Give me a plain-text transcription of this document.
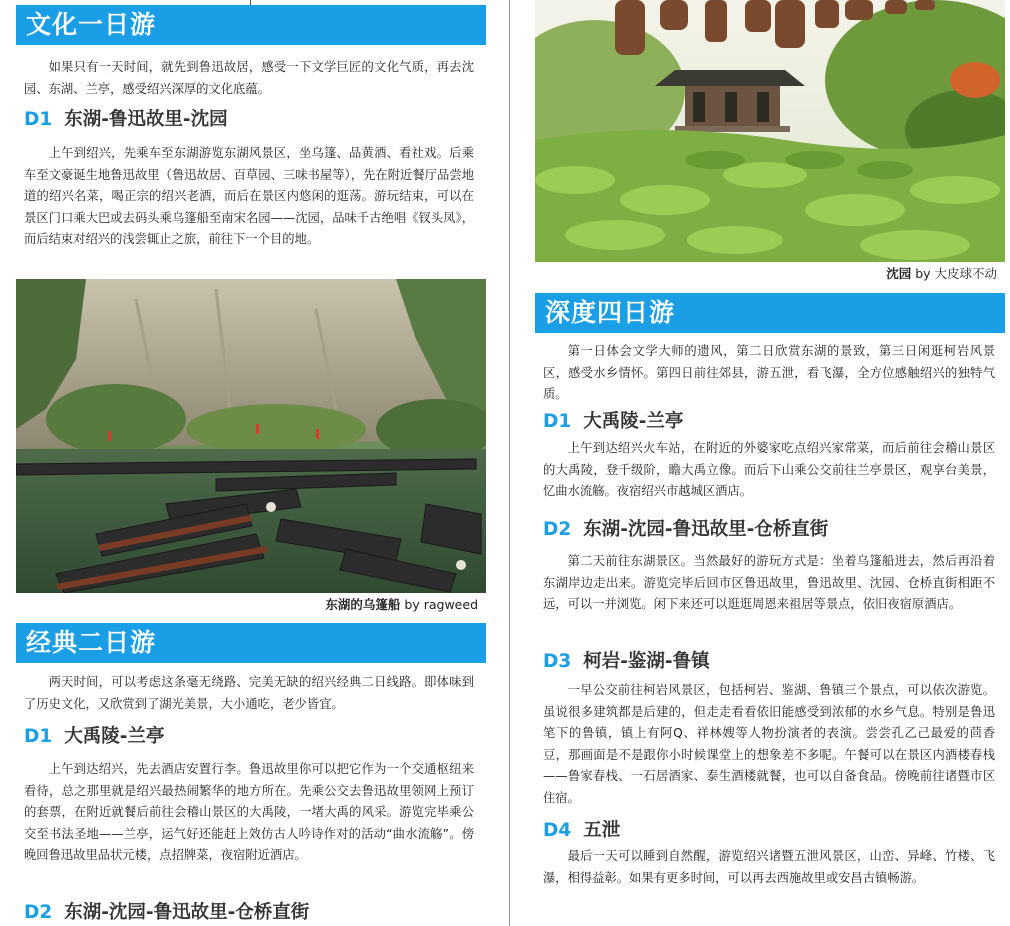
文化一日游

如果只有一天时间，就先到鲁迅故居，感受一下文学巨匠的文化气质，再去沈园、东湖、兰亭，感受绍兴深厚的文化底蕴。

D1 东湖-鲁迅故里-沈园

上午到绍兴，先乘车至东湖游览东湖风景区，坐乌篷、品黄酒、看社戏。后乘车至文豪诞生地鲁迅故里（鲁迅故居、百草园、三味书屋等），先在附近餐厅品尝地道的绍兴名菜，喝正宗的绍兴老酒，而后在景区内悠闲的逛荡。游玩结束，可以在景区门口乘大巴或去码头乘乌篷船至南宋名园——沈园，品味千古绝唱《钗头凤》，而后结束对绍兴的浅尝辄止之旅，前往下一个目的地。

东湖的乌篷船 by ragweed
经典二日游

两天时间，可以考虑这条毫无绕路、完美无缺的绍兴经典二日线路。即体味到了历史文化，又欣赏到了湖光美景，大小通吃，老少皆宜。

D1 大禹陵-兰亭

上午到达绍兴，先去酒店安置行李。鲁迅故里你可以把它作为一个交通枢纽来看待，总之那里就是绍兴最热闹繁华的地方所在。先乘公交去鲁迅故里领网上预订的套票，在附近就餐后前往会稽山景区的大禹陵，一堵大禹的风采。游览完毕乘公交至书法圣地——兰亭，运气好还能赶上效仿古人吟诗作对的活动“曲水流觞”。傍晚回鲁迅故里品状元楼，点招牌菜，夜宿附近酒店。

D2 东湖-沈园-鲁迅故里-仓桥直街
沈园 by 大皮球不动
深度四日游

第一日体会文学大师的遗风，第二日欣赏东湖的景致，第三日闲逛柯岩风景区，感受水乡情怀。第四日前往郊县，游五泄，看飞瀑，全方位感触绍兴的独特气质。

D1 大禹陵-兰亭

上午到达绍兴火车站，在附近的外婆家吃点绍兴家常菜，而后前往会稽山景区的大禹陵，登千级阶，瞻大禹立像。而后下山乘公交前往兰亭景区，观享台美景，忆曲水流觞。夜宿绍兴市越城区酒店。

D2 东湖-沈园-鲁迅故里-仓桥直街

第二天前往东湖景区。当然最好的游玩方式是：坐着乌篷船进去，然后再沿着东湖岸边走出来。游览完毕后回市区鲁迅故里，鲁迅故里、沈园、仓桥直街相距不远，可以一并浏览。闲下来还可以逛逛周恩来祖居等景点，依旧夜宿原酒店。

D3 柯岩-鉴湖-鲁镇

一早公交前往柯岩风景区，包括柯岩、鉴湖、鲁镇三个景点，可以依次游览。虽说很多建筑都是后建的，但走走看看依旧能感受到浓郁的水乡气息。特别是鲁迅笔下的鲁镇，镇上有阿Q、祥林嫂等人物扮演者的表演。尝尝孔乙己最爱的茴香豆，那画面是不是跟你小时候课堂上的想象差不多呢。午餐可以在景区内酒楼春栈——鲁家春栈、一石居酒家、泰生酒楼就餐，也可以自备食品。傍晚前往诸暨市区住宿。

D4 五泄

最后一天可以睡到自然醒，游览绍兴诸暨五泄风景区，山峦、异峰、竹楼、飞瀑，相得益彰。如果有更多时间，可以再去西施故里或安昌古镇畅游。
